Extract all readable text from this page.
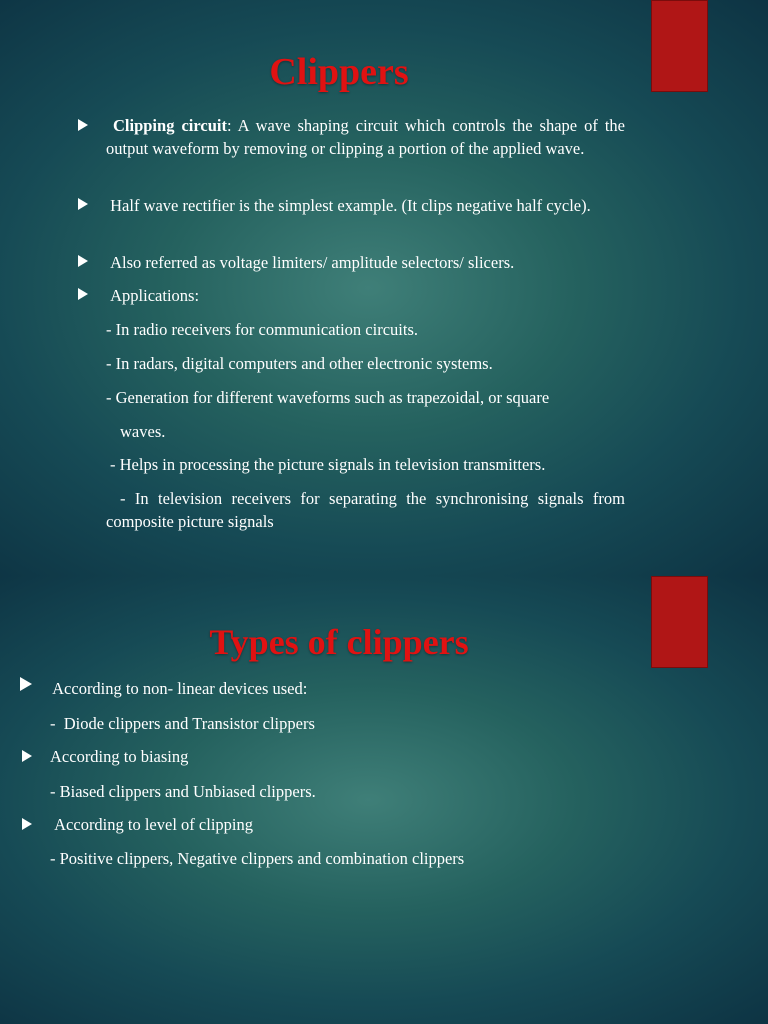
Clippers
Clipping circuit: A wave shaping circuit which controls the shape of the output waveform by removing or clipping a portion of the applied wave.
Half wave rectifier is the simplest example. (It clips negative half cycle).
Also referred as voltage limiters/ amplitude selectors/ slicers.
Applications:
- In radio receivers for communication circuits.
- In radars, digital computers and other electronic systems.
- Generation for different waveforms such as trapezoidal, or square
waves.
- Helps in processing the picture signals in television transmitters.
- In television receivers for separating the synchronising signals from composite picture signals
Types of clippers
According to non- linear devices used:
-  Diode clippers and Transistor clippers
According to biasing
- Biased clippers and Unbiased clippers.
According to level of clipping
- Positive clippers, Negative clippers and combination clippers
